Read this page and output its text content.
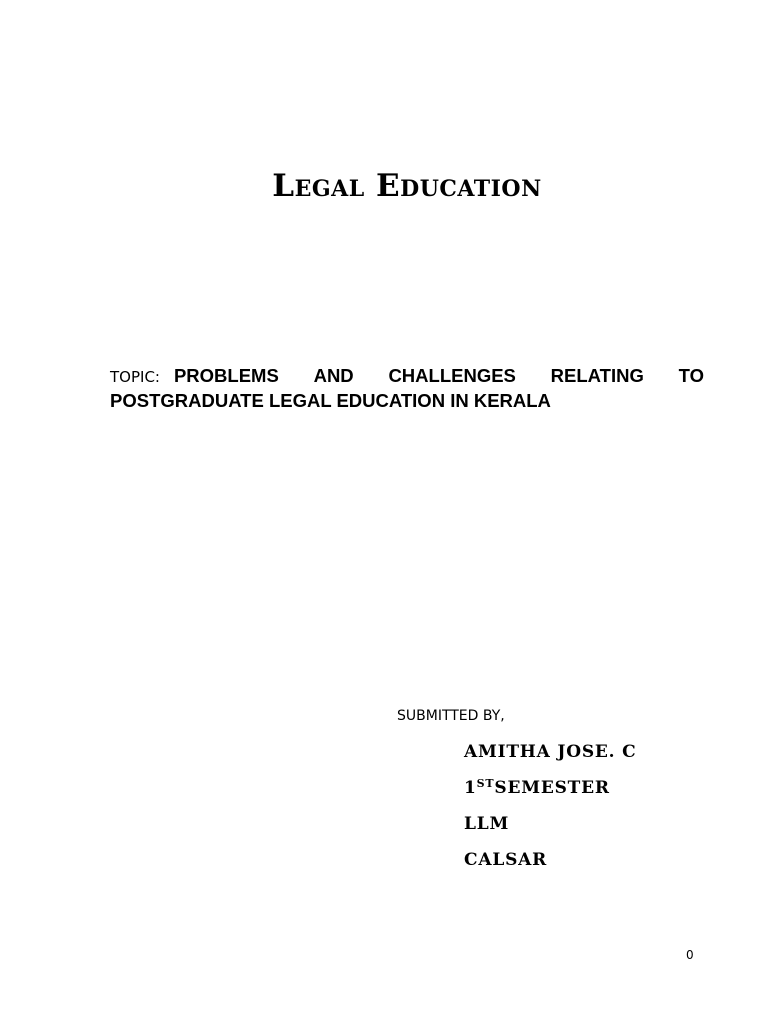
Legal Education
TOPIC: PROBLEMS AND CHALLENGES RELATING TO
POSTGRADUATE LEGAL EDUCATION IN KERALA
SUBMITTED BY,
AMITHA JOSE. C
1STSEMESTER
LLM
CALSAR
0
